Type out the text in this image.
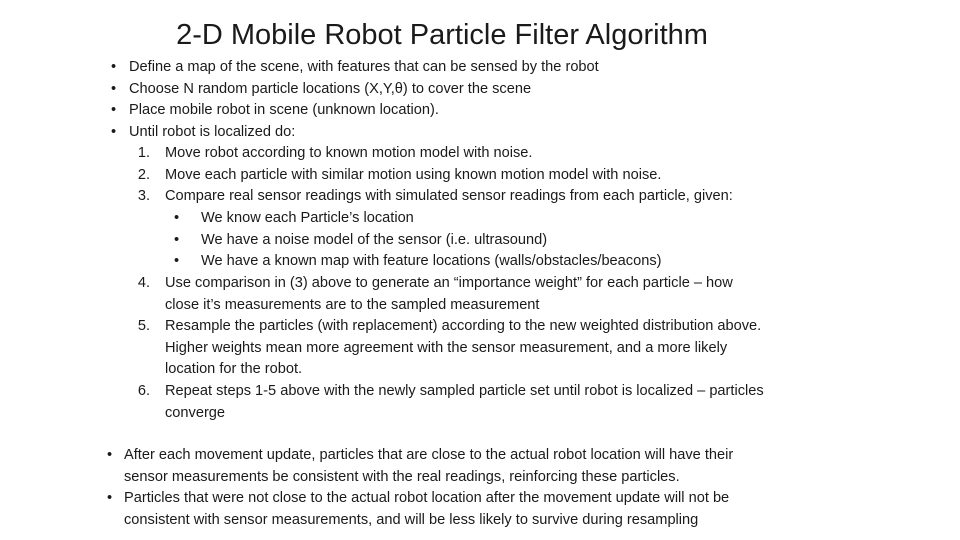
2-D Mobile Robot Particle Filter Algorithm
• Define a map of the scene, with features that can be sensed by the robot
• Choose N random particle locations (X,Y,θ) to cover the scene
• Place mobile robot in scene (unknown location).
• Until robot is localized do:
1. Move robot according to known motion model with noise.
2. Move each particle with similar motion using known motion model with noise.
3. Compare real sensor readings with simulated sensor readings from each particle, given:
• We know each Particle’s location
• We have a noise model of the sensor (i.e. ultrasound)
• We have a known map with feature locations (walls/obstacles/beacons)
4. Use comparison in (3) above to generate an “importance weight” for each particle – how
close it’s measurements are to the sampled measurement
5. Resample the particles (with replacement) according to the new weighted distribution above.
Higher weights mean more agreement with the sensor measurement, and a more likely
location for the robot.
6. Repeat steps 1-5 above with the newly sampled particle set until robot is localized – particles
converge
• After each movement update, particles that are close to the actual robot location will have their
sensor measurements be consistent with the real readings, reinforcing these particles.
• Particles that were not close to the actual robot location after the movement update will not be
consistent with sensor measurements, and will be less likely to survive during resampling
